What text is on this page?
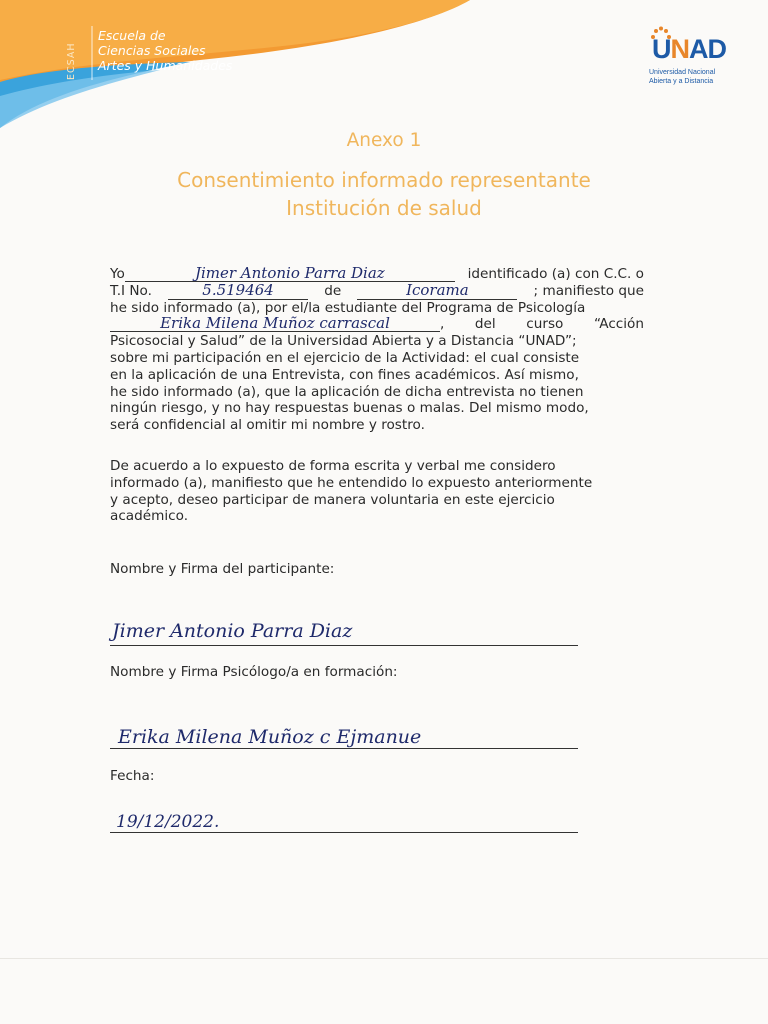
ECSAH
Escuela de
Ciencias Sociales
Artes y Humanidades
UNAD
Universidad Nacional
Abierta y a Distancia
Anexo 1
Consentimiento informado representante
Institución de salud
Yo	Jimer Antonio Parra Diaz	identificado (a) con C.C. o
T.I No.	5.519464	de	Icorama	; manifiesto que
he sido informado (a), por el/la estudiante del Programa de Psicología
Erika Milena Muñoz carrascal	, del curso “Acción
Psicosocial y Salud” de la Universidad Abierta y a Distancia “UNAD”;
sobre mi participación en el ejercicio de la Actividad: el cual consiste
en la aplicación de una Entrevista, con fines académicos. Así mismo,
he sido informado (a), que la aplicación de dicha entrevista no tienen
ningún riesgo, y no hay respuestas buenas o malas. Del mismo modo,
será confidencial al omitir mi nombre y rostro.
De acuerdo a lo expuesto de forma escrita y verbal me considero
informado (a), manifiesto que he entendido lo expuesto anteriormente
y acepto, deseo participar de manera voluntaria en este ejercicio
académico.
Nombre y Firma del participante:
Jimer Antonio Parra Diaz
Nombre y Firma Psicólogo/a en formación:
Erika Milena Muñoz c Ejmanue
Fecha:
19/12/2022.
